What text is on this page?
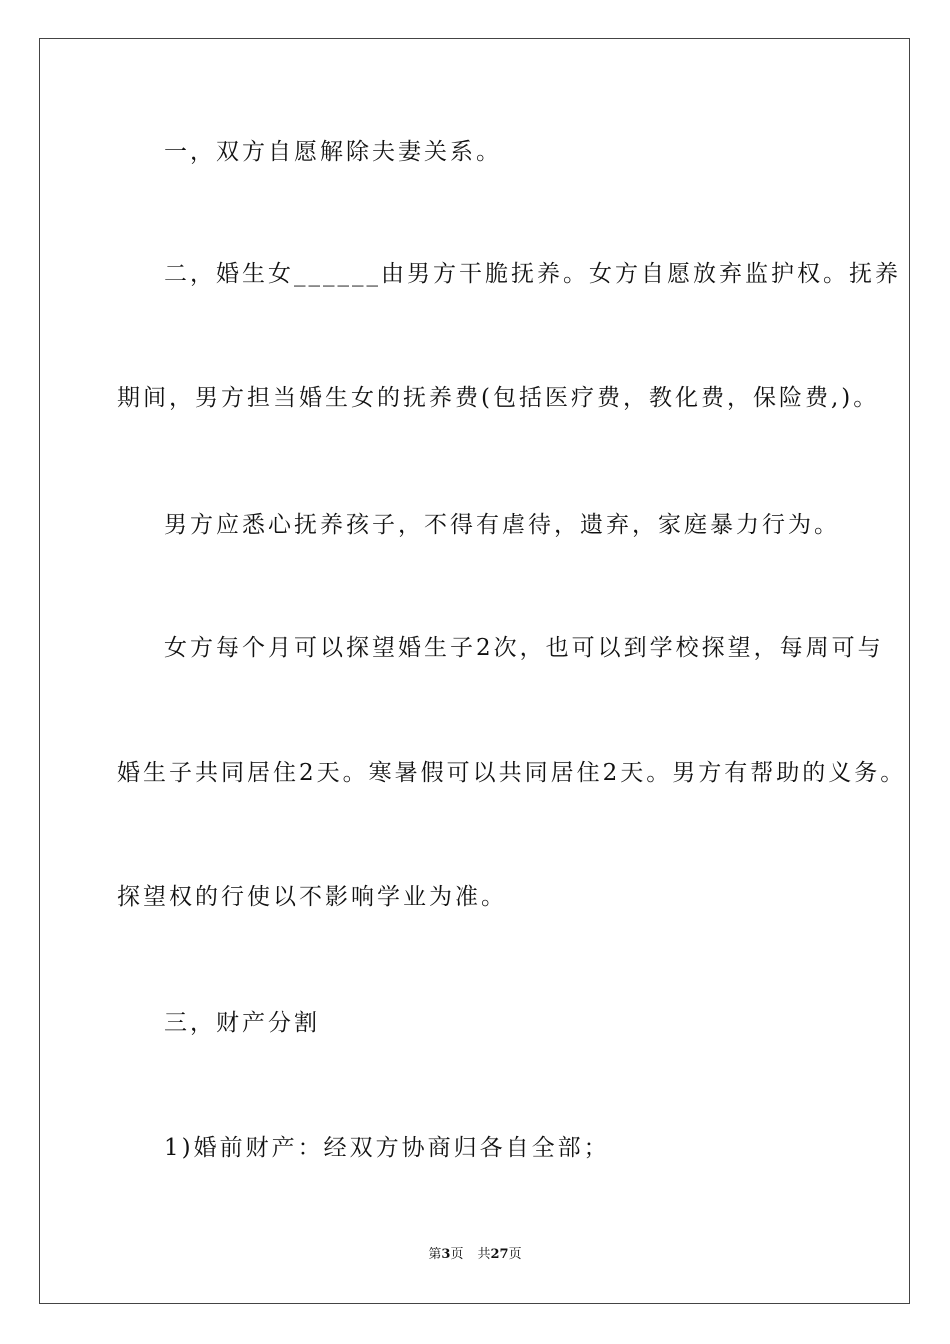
一，双方自愿解除夫妻关系。
二，婚生女______由男方干脆抚养。女方自愿放弃监护权。抚养
期间，男方担当婚生女的抚养费(包括医疗费，教化费，保险费,)。
男方应悉心抚养孩子，不得有虐待，遗弃，家庭暴力行为。
女方每个月可以探望婚生子2次，也可以到学校探望，每周可与
婚生子共同居住2天。寒暑假可以共同居住2天。男方有帮助的义务。
探望权的行使以不影响学业为准。
三，财产分割
1)婚前财产：经双方协商归各自全部；
第3页 共27页
